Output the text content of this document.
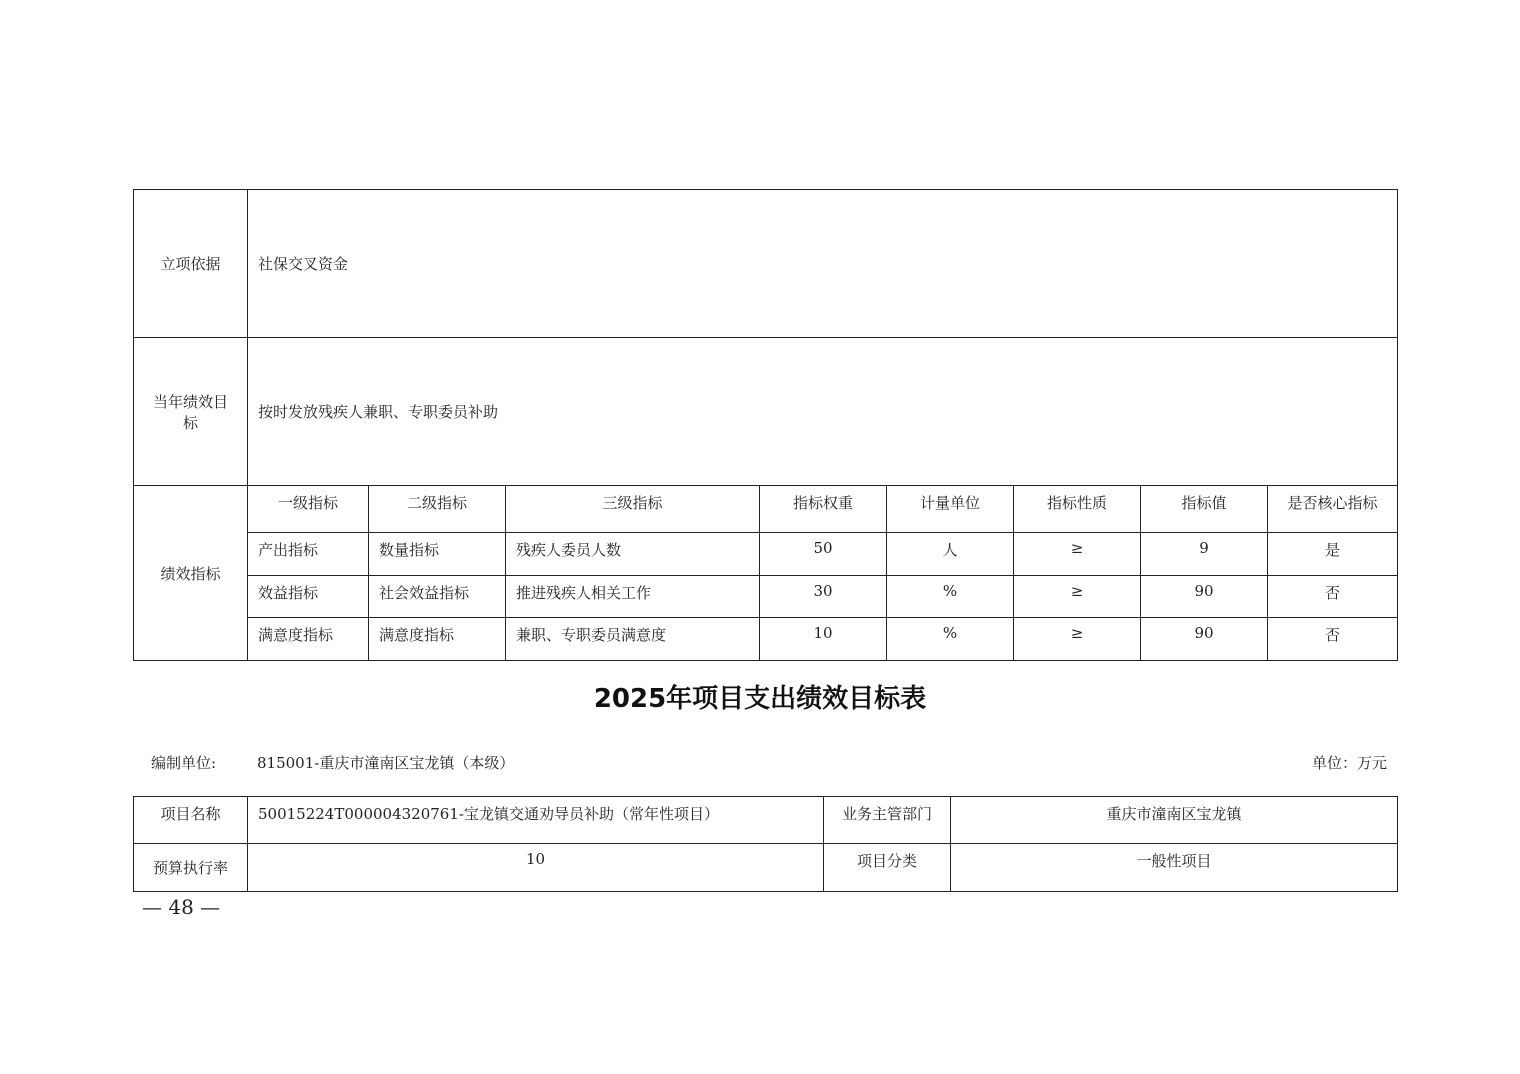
立项依据	社保交叉资金							
当年绩效目标	按时发放残疾人兼职、专职委员补助							
绩效指标	一级指标	二级指标	三级指标	指标权重	计量单位	指标性质	指标值	是否核心指标
	产出指标	数量指标	残疾人委员人数	50	人	≥	9	是
	效益指标	社会效益指标	推进残疾人相关工作	30	%	≥	90	否
	满意度指标	满意度指标	兼职、专职委员满意度	10	%	≥	90	否
2025年项目支出绩效目标表
编制单位:	815001-重庆市潼南区宝龙镇（本级）	单位：万元
项目名称	50015224T000004320761-宝龙镇交通劝导员补助（常年性项目）	业务主管部门	重庆市潼南区宝龙镇
预算执行率	10	项目分类	一般性项目
— 48 —
